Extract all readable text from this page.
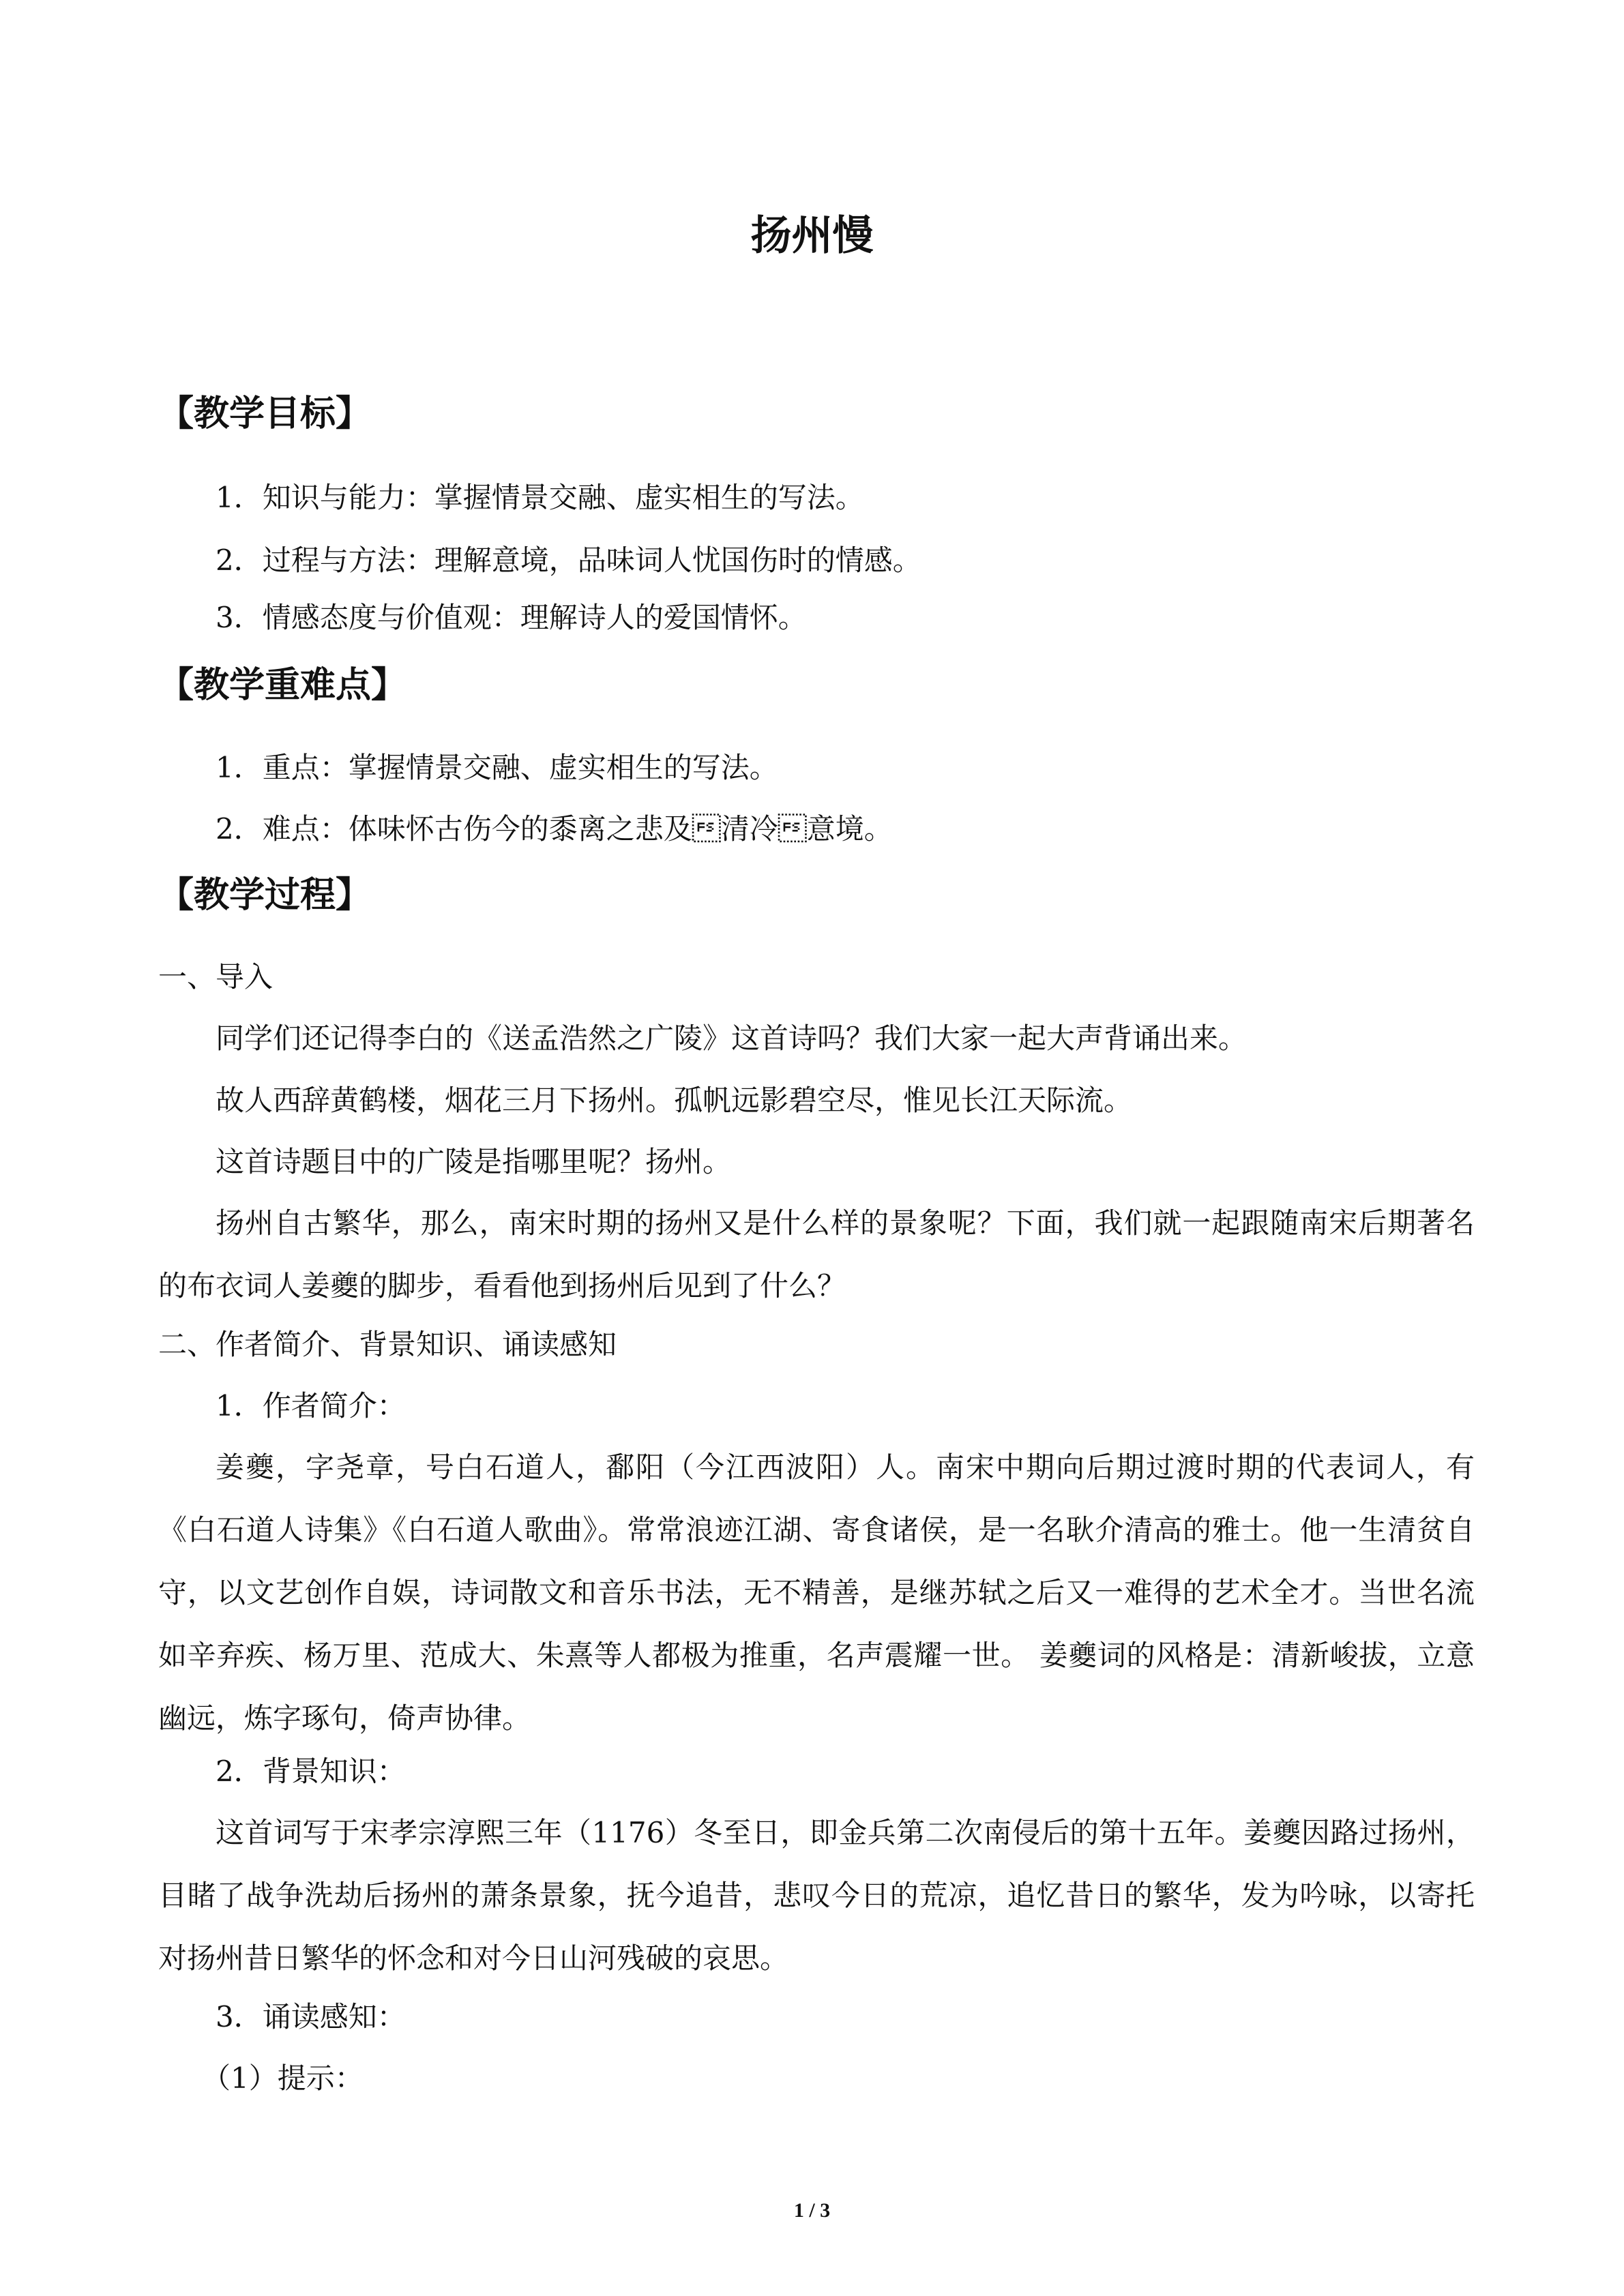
扬州慢
【教学目标】
1．知识与能力：掌握情景交融、虚实相生的写法。
2．过程与方法：理解意境，品味词人忧国伤时的情感。
3．情感态度与价值观：理解诗人的爱国情怀。
【教学重难点】
1．重点：掌握情景交融、虚实相生的写法。
2．难点：体味怀古伤今的黍离之悲及清冷意境。
【教学过程】
一、导入
同学们还记得李白的《送孟浩然之广陵》这首诗吗？我们大家一起大声背诵出来。
故人西辞黄鹤楼，烟花三月下扬州。孤帆远影碧空尽，惟见长江天际流。
这首诗题目中的广陵是指哪里呢？扬州。
扬州自古繁华，那么，南宋时期的扬州又是什么样的景象呢？下面，我们就一起跟随南宋后期著名的布衣词人姜夔的脚步，看看他到扬州后见到了什么？
二、作者简介、背景知识、诵读感知
1．作者简介：
姜夔，字尧章，号白石道人，鄱阳（今江西波阳）人。南宋中期向后期过渡时期的代表词人，有《白石道人诗集》《白石道人歌曲》。常常浪迹江湖、寄食诸侯，是一名耿介清高的雅士。他一生清贫自守，以文艺创作自娱，诗词散文和音乐书法，无不精善，是继苏轼之后又一难得的艺术全才。当世名流如辛弃疾、杨万里、范成大、朱熹等人都极为推重，名声震耀一世。 姜夔词的风格是：清新峻拔，立意幽远，炼字琢句，倚声协律。
2．背景知识：
这首词写于宋孝宗淳熙三年（1176）冬至日，即金兵第二次南侵后的第十五年。姜夔因路过扬州，目睹了战争洗劫后扬州的萧条景象，抚今追昔，悲叹今日的荒凉，追忆昔日的繁华，发为吟咏，以寄托对扬州昔日繁华的怀念和对今日山河残破的哀思。
3．诵读感知：
（1）提示：
1 / 3
